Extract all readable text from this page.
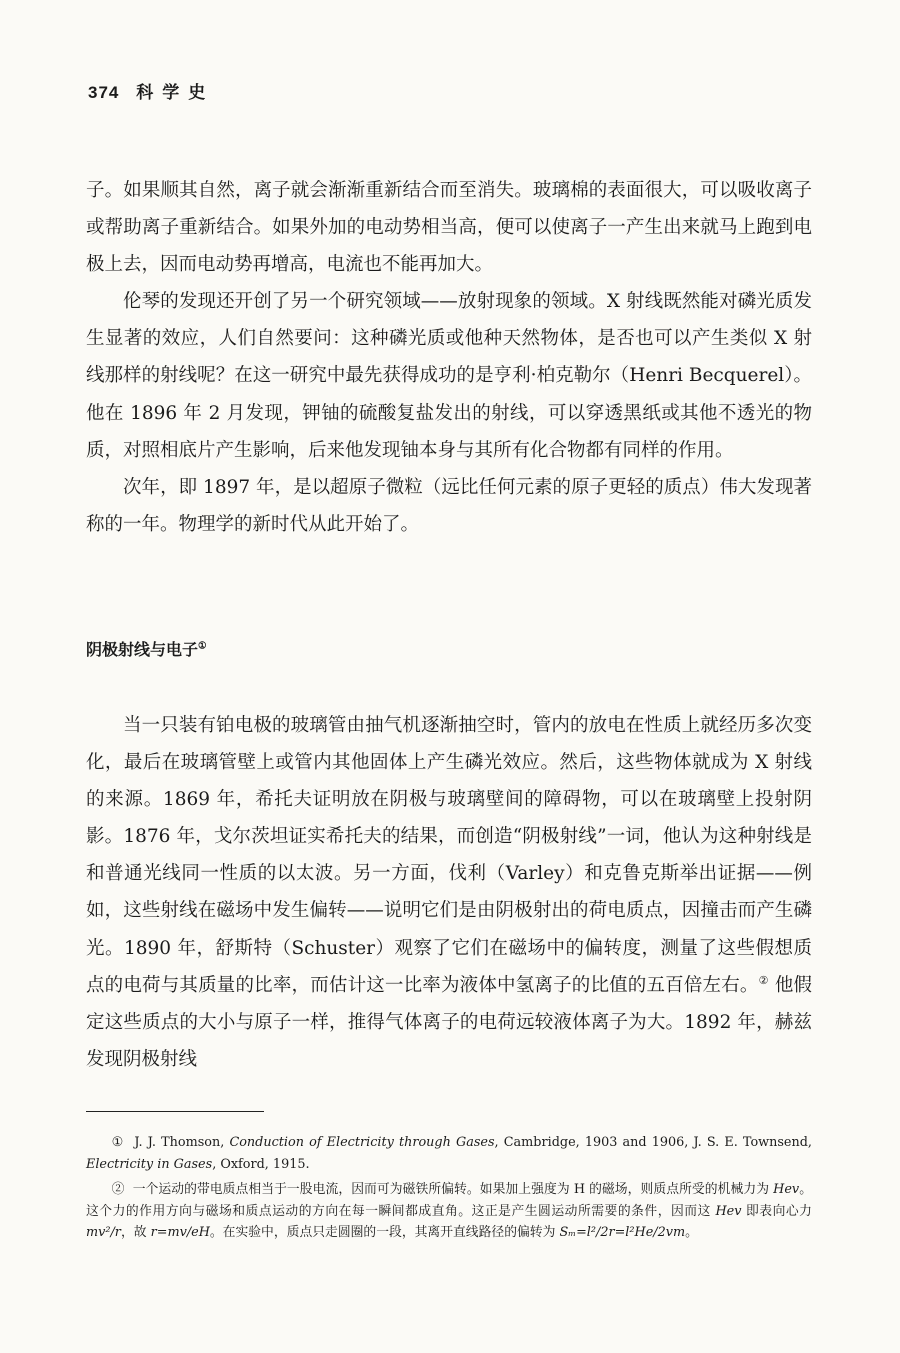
374 科学史

子。如果顺其自然，离子就会渐渐重新结合而至消失。玻璃棉的表面很大，可以吸收离子或帮助离子重新结合。如果外加的电动势相当高，便可以使离子一产生出来就马上跑到电极上去，因而电动势再增高，电流也不能再加大。

伦琴的发现还开创了另一个研究领域——放射现象的领域。X 射线既然能对磷光质发生显著的效应，人们自然要问：这种磷光质或他种天然物体，是否也可以产生类似 X 射线那样的射线呢？在这一研究中最先获得成功的是亨利·柏克勒尔（Henri Becquerel）。他在 1896 年 2 月发现，钾铀的硫酸复盐发出的射线，可以穿透黑纸或其他不透光的物质，对照相底片产生影响，后来他发现铀本身与其所有化合物都有同样的作用。

次年，即 1897 年，是以超原子微粒（远比任何元素的原子更轻的质点）伟大发现著称的一年。物理学的新时代从此开始了。

阴极射线与电子①

当一只装有铂电极的玻璃管由抽气机逐渐抽空时，管内的放电在性质上就经历多次变化，最后在玻璃管壁上或管内其他固体上产生磷光效应。然后，这些物体就成为 X 射线的来源。1869 年，希托夫证明放在阴极与玻璃壁间的障碍物，可以在玻璃壁上投射阴影。1876 年，戈尔茨坦证实希托夫的结果，而创造“阴极射线”一词，他认为这种射线是和普通光线同一性质的以太波。另一方面，伐利（Varley）和克鲁克斯举出证据——例如，这些射线在磁场中发生偏转——说明它们是由阴极射出的荷电质点，因撞击而产生磷光。1890 年，舒斯特（Schuster）观察了它们在磁场中的偏转度，测量了这些假想质点的电荷与其质量的比率，而估计这一比率为液体中氢离子的比值的五百倍左右。② 他假定这些质点的大小与原子一样，推得气体离子的电荷远较液体离子为大。1892 年，赫兹发现阴极射线

① J. J. Thomson, Conduction of Electricity through Gases, Cambridge, 1903 and 1906, J. S. E. Townsend, Electricity in Gases, Oxford, 1915.

② 一个运动的带电质点相当于一股电流，因而可为磁铁所偏转。如果加上强度为 H 的磁场，则质点所受的机械力为 Hev。这个力的作用方向与磁场和质点运动的方向在每一瞬间都成直角。这正是产生圆运动所需要的条件，因而这 Hev 即表向心力 mv²/r，故 r=mv/eH。在实验中，质点只走圆圈的一段，其离开直线路径的偏转为 Sₘ=l²/2r=l²He/2vm。
